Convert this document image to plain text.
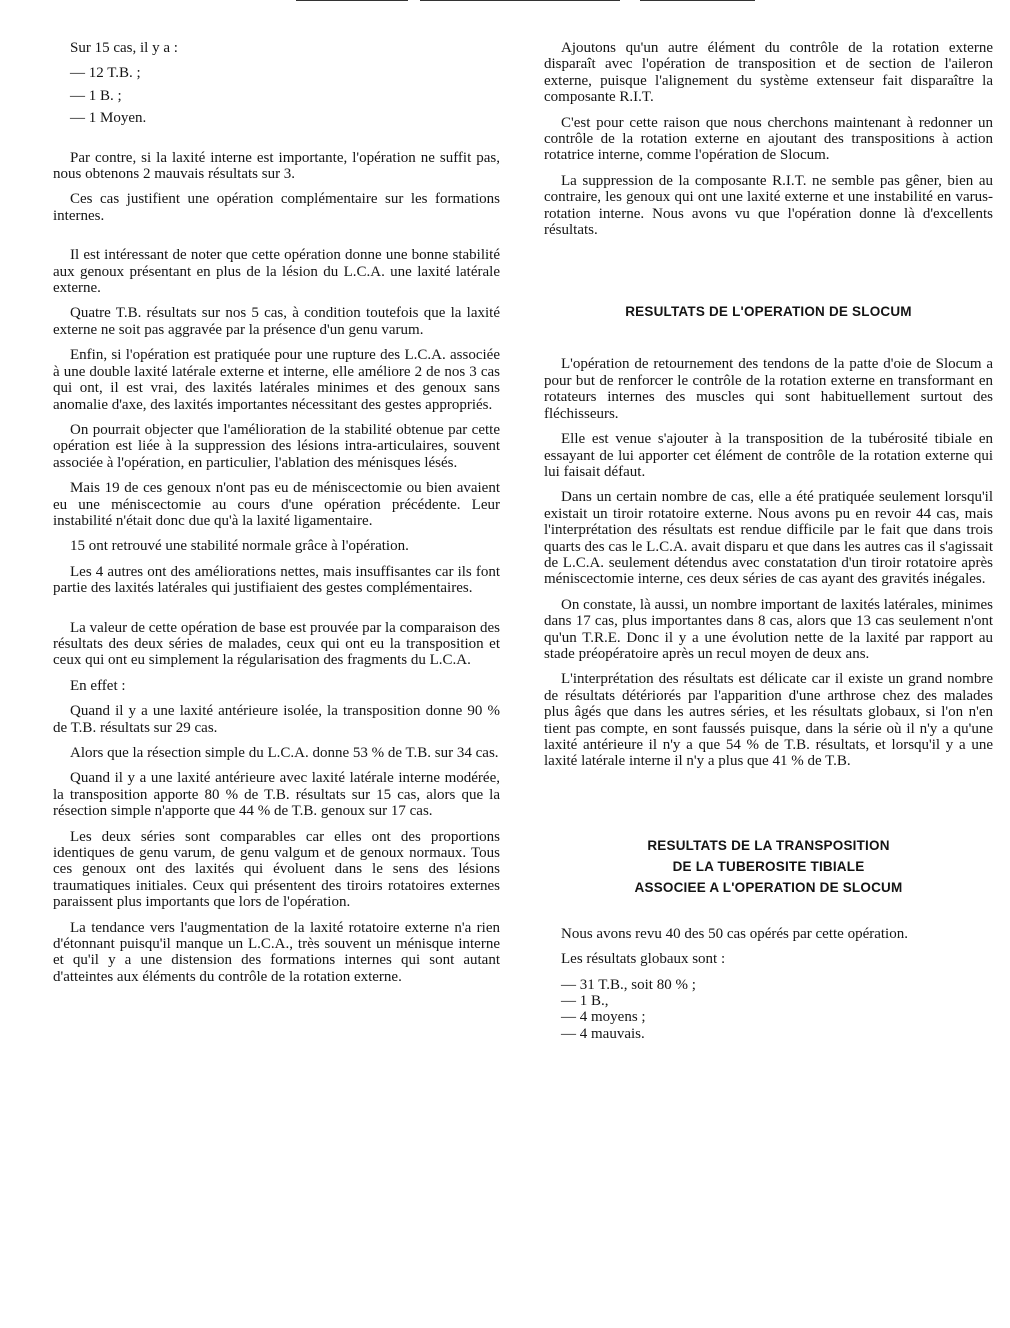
Sur 15 cas, il y a :

— 12 T.B. ;
— 1 B. ;
— 1 Moyen.

Par contre, si la laxité interne est importante, l'opération ne suffit pas, nous obtenons 2 mauvais résultats sur 3.

Ces cas justifient une opération complémentaire sur les formations internes.

Il est intéressant de noter que cette opération donne une bonne stabilité aux genoux présentant en plus de la lésion du L.C.A. une laxité latérale externe.

Quatre T.B. résultats sur nos 5 cas, à condition toutefois que la laxité externe ne soit pas aggravée par la présence d'un genu varum.

Enfin, si l'opération est pratiquée pour une rupture des L.C.A. associée à une double laxité latérale externe et interne, elle améliore 2 de nos 3 cas qui ont, il est vrai, des laxités latérales minimes et des genoux sans anomalie d'axe, des laxités importantes nécessitant des gestes appropriés.

On pourrait objecter que l'amélioration de la stabilité obtenue par cette opération est liée à la suppression des lésions intra-articulaires, souvent associée à l'opération, en particulier, l'ablation des ménisques lésés.

Mais 19 de ces genoux n'ont pas eu de méniscectomie ou bien avaient eu une méniscectomie au cours d'une opération précédente. Leur instabilité n'était donc due qu'à la laxité ligamentaire.

15 ont retrouvé une stabilité normale grâce à l'opération.

Les 4 autres ont des améliorations nettes, mais insuffisantes car ils font partie des laxités latérales qui justifiaient des gestes complémentaires.

La valeur de cette opération de base est prouvée par la comparaison des résultats des deux séries de malades, ceux qui ont eu la transposition et ceux qui ont eu simplement la régularisation des fragments du L.C.A.

En effet :

Quand il y a une laxité antérieure isolée, la transposition donne 90 % de T.B. résultats sur 29 cas.

Alors que la résection simple du L.C.A. donne 53 % de T.B. sur 34 cas.

Quand il y a une laxité antérieure avec laxité latérale interne modérée, la transposition apporte 80 % de T.B. résultats sur 15 cas, alors que la résection simple n'apporte que 44 % de T.B. genoux sur 17 cas.

Les deux séries sont comparables car elles ont des proportions identiques de genu varum, de genu valgum et de genoux normaux. Tous ces genoux ont des laxités qui évoluent dans le sens des lésions traumatiques initiales. Ceux qui présentent des tiroirs rotatoires externes paraissent plus importants que lors de l'opération.

La tendance vers l'augmentation de la laxité rotatoire externe n'a rien d'étonnant puisqu'il manque un L.C.A., très souvent un ménisque interne et qu'il y a une distension des formations internes qui sont autant d'atteintes aux éléments du contrôle de la rotation externe.

Ajoutons qu'un autre élément du contrôle de la rotation externe disparaît avec l'opération de transposition et de section de l'aileron externe, puisque l'alignement du système extenseur fait disparaître la composante R.I.T.

C'est pour cette raison que nous cherchons maintenant à redonner un contrôle de la rotation externe en ajoutant des transpositions à action rotatrice interne, comme l'opération de Slocum.

La suppression de la composante R.I.T. ne semble pas gêner, bien au contraire, les genoux qui ont une laxité externe et une instabilité en varus-rotation interne. Nous avons vu que l'opération donne là d'excellents résultats.

RESULTATS DE L'OPERATION DE SLOCUM

L'opération de retournement des tendons de la patte d'oie de Slocum a pour but de renforcer le contrôle de la rotation externe en transformant en rotateurs internes des muscles qui sont habituellement surtout des fléchisseurs.

Elle est venue s'ajouter à la transposition de la tubérosité tibiale en essayant de lui apporter cet élément de contrôle de la rotation externe qui lui faisait défaut.

Dans un certain nombre de cas, elle a été pratiquée seulement lorsqu'il existait un tiroir rotatoire externe. Nous avons pu en revoir 44 cas, mais l'interprétation des résultats est rendue difficile par le fait que dans trois quarts des cas le L.C.A. avait disparu et que dans les autres cas il s'agissait de L.C.A. seulement détendus avec constatation d'un tiroir rotatoire après méniscectomie interne, ces deux séries de cas ayant des gravités inégales.

On constate, là aussi, un nombre important de laxités latérales, minimes dans 17 cas, plus importantes dans 8 cas, alors que 13 cas seulement n'ont qu'un T.R.E. Donc il y a une évolution nette de la laxité par rapport au stade préopératoire après un recul moyen de deux ans.

L'interprétation des résultats est délicate car il existe un grand nombre de résultats détériorés par l'apparition d'une arthrose chez des malades plus âgés que dans les autres séries, et les résultats globaux, si l'on n'en tient pas compte, en sont faussés puisque, dans la série où il n'y a qu'une laxité antérieure il n'y a que 54 % de T.B. résultats, et lorsqu'il y a une laxité latérale interne il n'y a plus que 41 % de T.B.

RESULTATS DE LA TRANSPOSITION
DE LA TUBEROSITE TIBIALE
ASSOCIEE A L'OPERATION DE SLOCUM

Nous avons revu 40 des 50 cas opérés par cette opération.

Les résultats globaux sont :

— 31 T.B., soit 80 % ;
— 1 B.,
— 4 moyens ;
— 4 mauvais.
